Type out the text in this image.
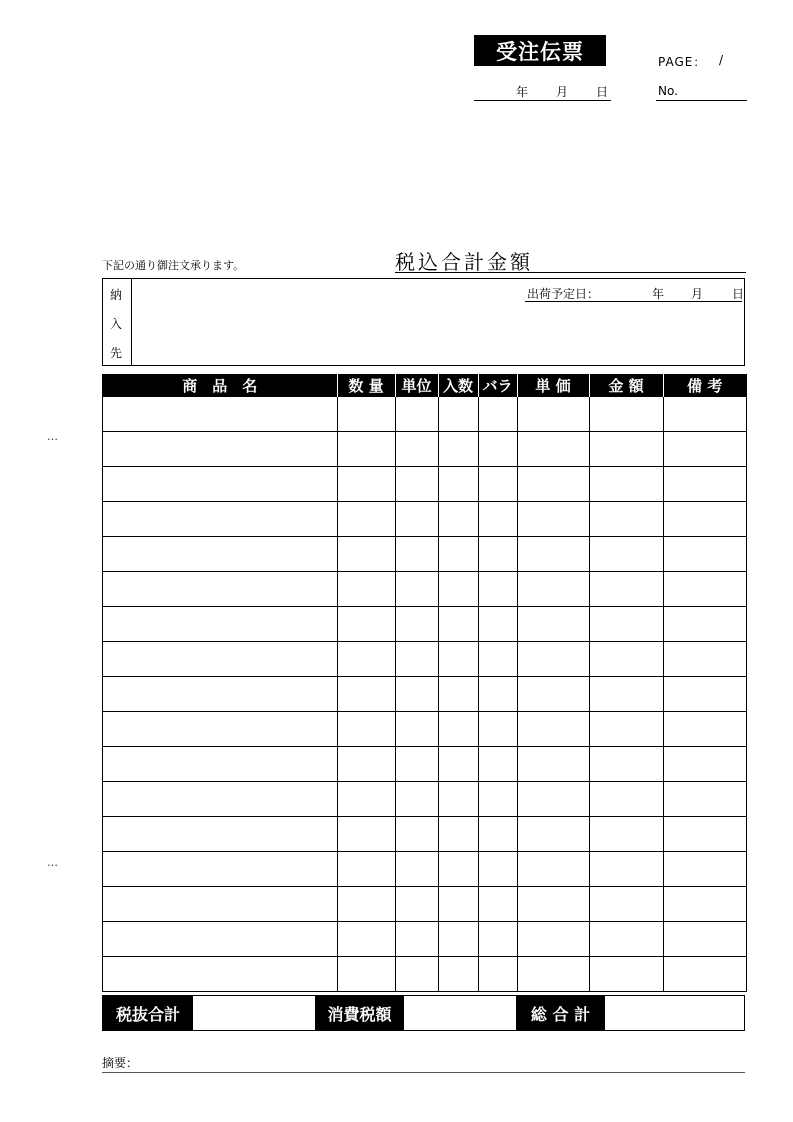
受注伝票	PAGE： /
年 月 日	No.
…
…
下記の通り御注文承ります。	税込合計金額
納
入
先
出荷予定日：	年 月 日
商　品　名	数 量	単位	入数	バラ	単 価	金 額	備 考

税抜合計	消費税額	総 合 計
摘要：
